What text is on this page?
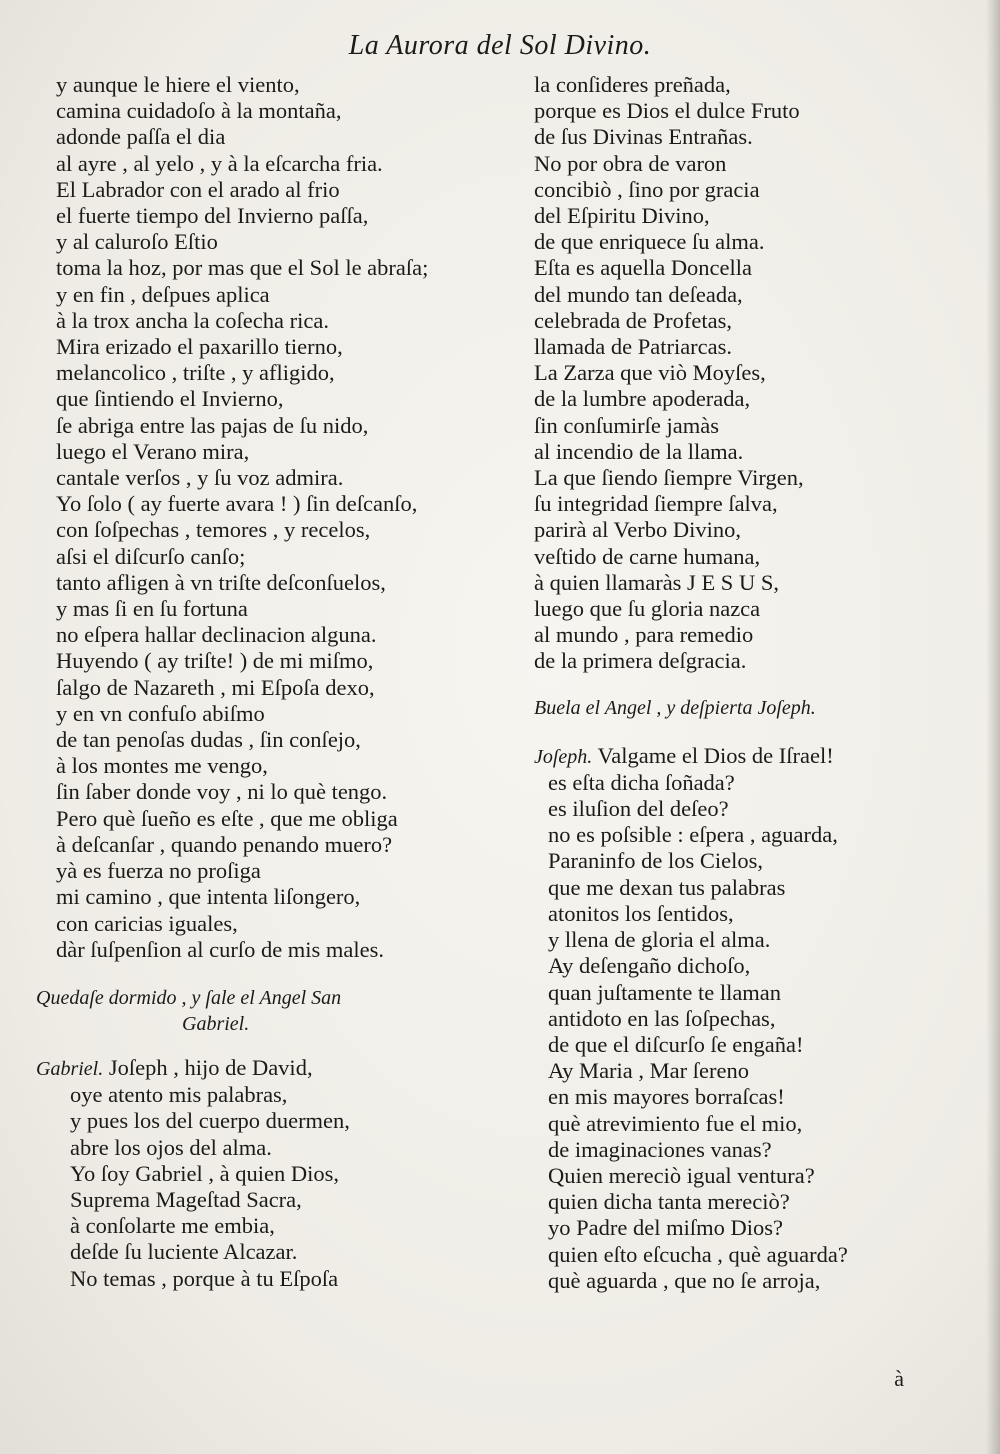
La Aurora del Sol Divino.
y aunque le hiere el viento,
camina cuidadoſo à la montaña,
adonde paſſa el dia
al ayre , al yelo , y à la eſcarcha fria.
El Labrador con el arado al frio
el fuerte tiempo del Invierno paſſa,
y al caluroſo Eſtio
toma la hoz, por mas que el Sol le abraſa;
y en fin , deſpues aplica
à la trox ancha la coſecha rica.
Mira erizado el paxarillo tierno,
melancolico , triſte , y afligido,
que ſintiendo el Invierno,
ſe abriga entre las pajas de ſu nido,
luego el Verano mira,
cantale verſos , y ſu voz admira.
Yo ſolo ( ay fuerte avara ! ) ſin deſcanſo,
con ſoſpechas , temores , y recelos,
aſsi el diſcurſo canſo;
tanto afligen à vn triſte deſconſuelos,
y mas ſi en ſu fortuna
no eſpera hallar declinacion alguna.
Huyendo ( ay triſte! ) de mi miſmo,
ſalgo de Nazareth , mi Eſpoſa dexo,
y en vn confuſo abiſmo
de tan penoſas dudas , ſin conſejo,
à los montes me vengo,
ſin ſaber donde voy , ni lo què tengo.
Pero què ſueño es eſte , que me obliga
à deſcanſar , quando penando muero?
yà es fuerza no proſiga
mi camino , que intenta liſongero,
con caricias iguales,
dàr ſuſpenſion al curſo de mis males.
Quedaſe dormido , y ſale el Angel San
Gabriel.
Gabriel. Joſeph , hijo de David,
oye atento mis palabras,
y pues los del cuerpo duermen,
abre los ojos del alma.
Yo ſoy Gabriel , à quien Dios,
Suprema Mageſtad Sacra,
à conſolarte me embia,
deſde ſu luciente Alcazar.
No temas , porque à tu Eſpoſa
la conſideres preñada,
porque es Dios el dulce Fruto
de ſus Divinas Entrañas.
No por obra de varon
concibiò , ſino por gracia
del Eſpiritu Divino,
de que enriquece ſu alma.
Eſta es aquella Doncella
del mundo tan deſeada,
celebrada de Profetas,
llamada de Patriarcas.
La Zarza que viò Moyſes,
de la lumbre apoderada,
ſin conſumirſe jamàs
al incendio de la llama.
La que ſiendo ſiempre Virgen,
ſu integridad ſiempre ſalva,
parirà al Verbo Divino,
veſtido de carne humana,
à quien llamaràs J E S U S,
luego que ſu gloria nazca
al mundo , para remedio
de la primera deſgracia.
Buela el Angel , y deſpierta Joſeph.
Joſeph. Valgame el Dios de Iſrael!
es eſta dicha ſoñada?
es iluſion del deſeo?
no es poſsible : eſpera , aguarda,
Paraninfo de los Cielos,
que me dexan tus palabras
atonitos los ſentidos,
y llena de gloria el alma.
Ay deſengaño dichoſo,
quan juſtamente te llaman
antidoto en las ſoſpechas,
de que el diſcurſo ſe engaña!
Ay Maria , Mar ſereno
en mis mayores borraſcas!
què atrevimiento fue el mio,
de imaginaciones vanas?
Quien mereciò igual ventura?
quien dicha tanta mereciò?
yo Padre del miſmo Dios?
quien eſto eſcucha , què aguarda?
què aguarda , que no ſe arroja,
à
